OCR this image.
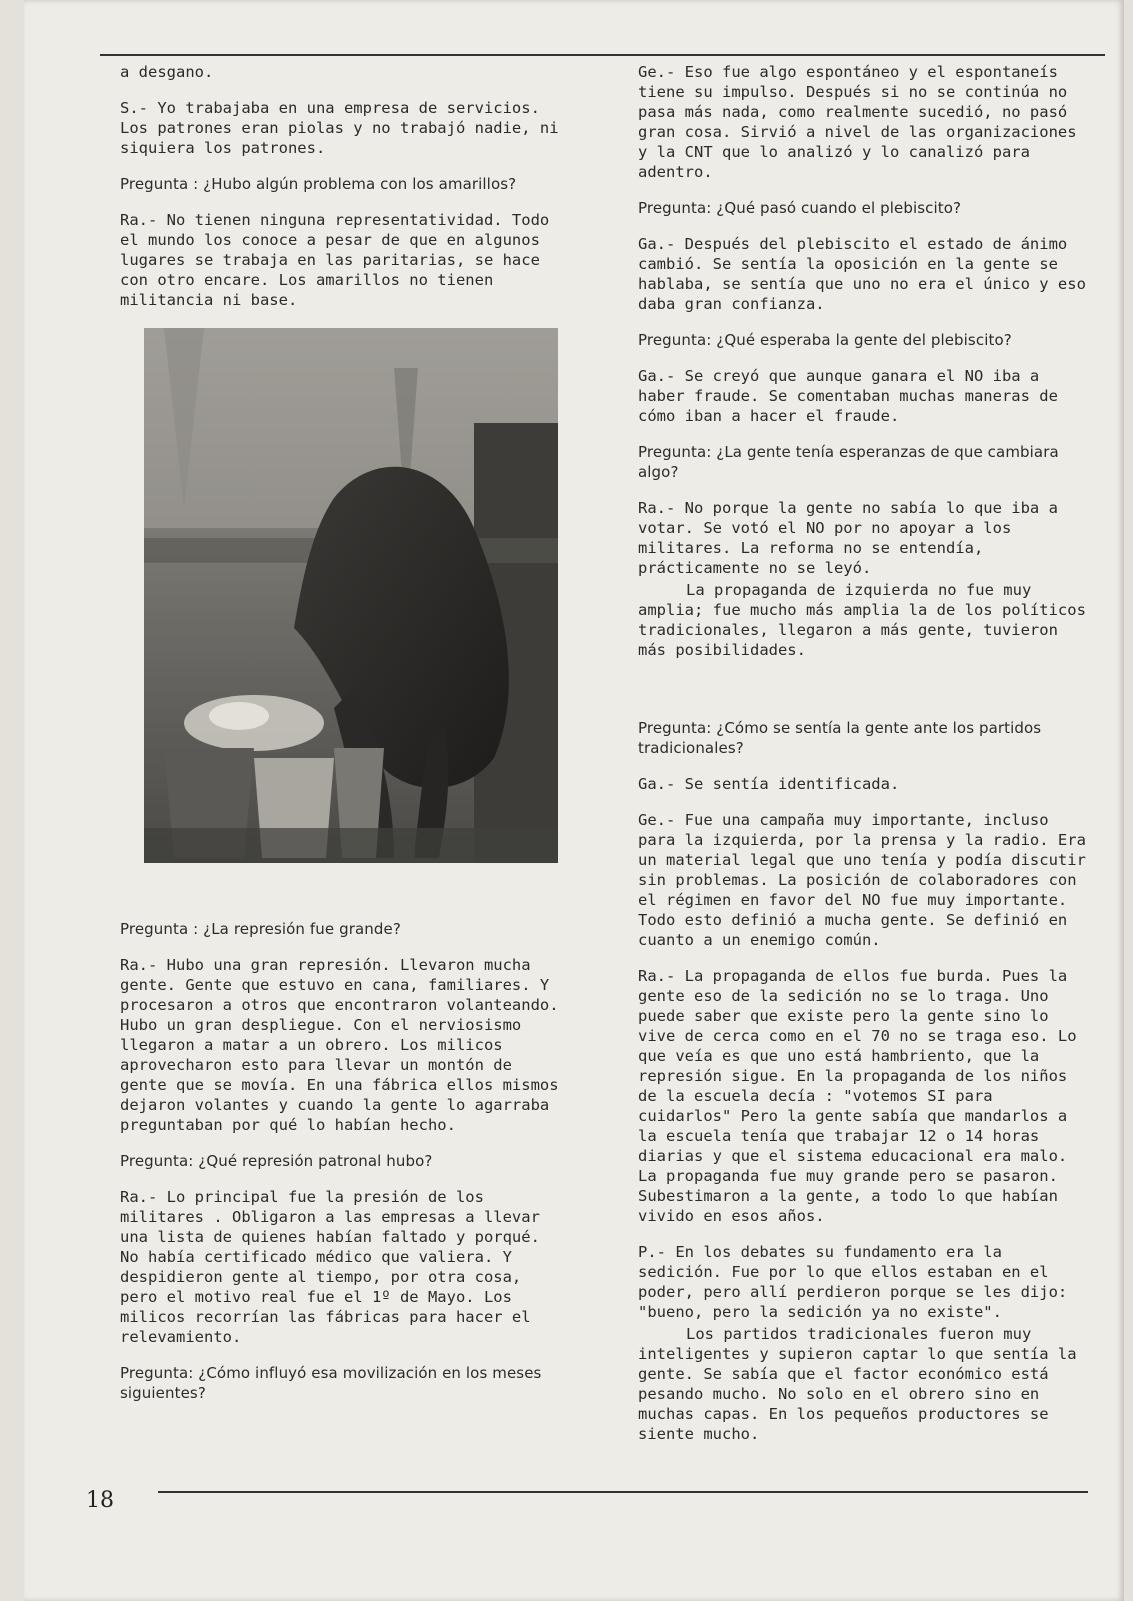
a desgano.

S.- Yo trabajaba en una empresa de servicios. Los patrones eran piolas y no trabajó nadie, ni siquiera los patrones.

Pregunta : ¿Hubo algún problema con los amarillos?

Ra.- No tienen ninguna representatividad. Todo el mundo los conoce a pesar de que en algunos lugares se trabaja en las paritarias, se hace con otro encare. Los amarillos no tienen militancia ni base.

Pregunta : ¿La represión fue grande?

Ra.- Hubo una gran represión. Llevaron mucha gente. Gente que estuvo en cana, familiares. Y procesaron a otros que encontraron volanteando. Hubo un gran despliegue. Con el nerviosismo llegaron a matar a un obrero. Los milicos aprovecharon esto para llevar un montón de gente que se movía. En una fábrica ellos mismos dejaron volantes y cuando la gente lo agarraba preguntaban por qué lo habían hecho.

Pregunta: ¿Qué represión patronal hubo?

Ra.- Lo principal fue la presión de los militares . Obligaron a las empresas a llevar una lista de quienes habían faltado y porqué. No había certificado médico que valiera. Y despidieron gente al tiempo, por otra cosa, pero el motivo real fue el 1º de Mayo. Los milicos recorrían las fábricas para hacer el relevamiento.

Pregunta: ¿Cómo influyó esa movilización en los meses siguientes?

Ge.- Eso fue algo espontáneo y el espontaneís tiene su impulso. Después si no se continúa no pasa más nada, como realmente sucedió, no pasó gran cosa. Sirvió a nivel de las organizaciones y la CNT que lo analizó y lo canalizó para adentro.

Pregunta: ¿Qué pasó cuando el plebiscito?

Ga.- Después del plebiscito el estado de ánimo cambió. Se sentía la oposición en la gente se hablaba, se sentía que uno no era el único y eso daba gran confianza.

Pregunta: ¿Qué esperaba la gente del plebiscito?

Ga.- Se creyó que aunque ganara el NO iba a haber fraude. Se comentaban muchas maneras de cómo iban a hacer el fraude.

Pregunta: ¿La gente tenía esperanzas de que cambiara algo?

Ra.- No porque la gente no sabía lo que iba a votar. Se votó el NO por no apoyar a los militares. La reforma no se entendía, prácticamente no se leyó.

La propaganda de izquierda no fue muy amplia; fue mucho más amplia la de los políticos tradicionales, llegaron a más gente, tuvieron más posibilidades.

Pregunta: ¿Cómo se sentía la gente ante los partidos tradicionales?

Ga.- Se sentía identificada.

Ge.- Fue una campaña muy importante, incluso para la izquierda, por la prensa y la radio. Era un material legal que uno tenía y podía discutir sin problemas. La posición de colaboradores con el régimen en favor del NO fue muy importante. Todo esto definió a mucha gente. Se definió en cuanto a un enemigo común.

Ra.- La propaganda de ellos fue burda. Pues la gente eso de la sedición no se lo traga. Uno puede saber que existe pero la gente sino lo vive de cerca como en el 70 no se traga eso. Lo que veía es que uno está hambriento, que la represión sigue. En la propaganda de los niños de la escuela decía : "votemos SI para cuidarlos" Pero la gente sabía que mandarlos a la escuela tenía que trabajar 12 o 14 horas diarias y que el sistema educacional era malo. La propaganda fue muy grande pero se pasaron. Subestimaron a la gente, a todo lo que habían vivido en esos años.

P.- En los debates su fundamento era la sedición. Fue por lo que ellos estaban en el poder, pero allí perdieron porque se les dijo: "bueno, pero la sedición ya no existe".

Los partidos tradicionales fueron muy inteligentes y supieron captar lo que sentía la gente. Se sabía que el factor económico está pesando mucho. No solo en el obrero sino en muchas capas. En los pequeños productores se siente mucho.

18
